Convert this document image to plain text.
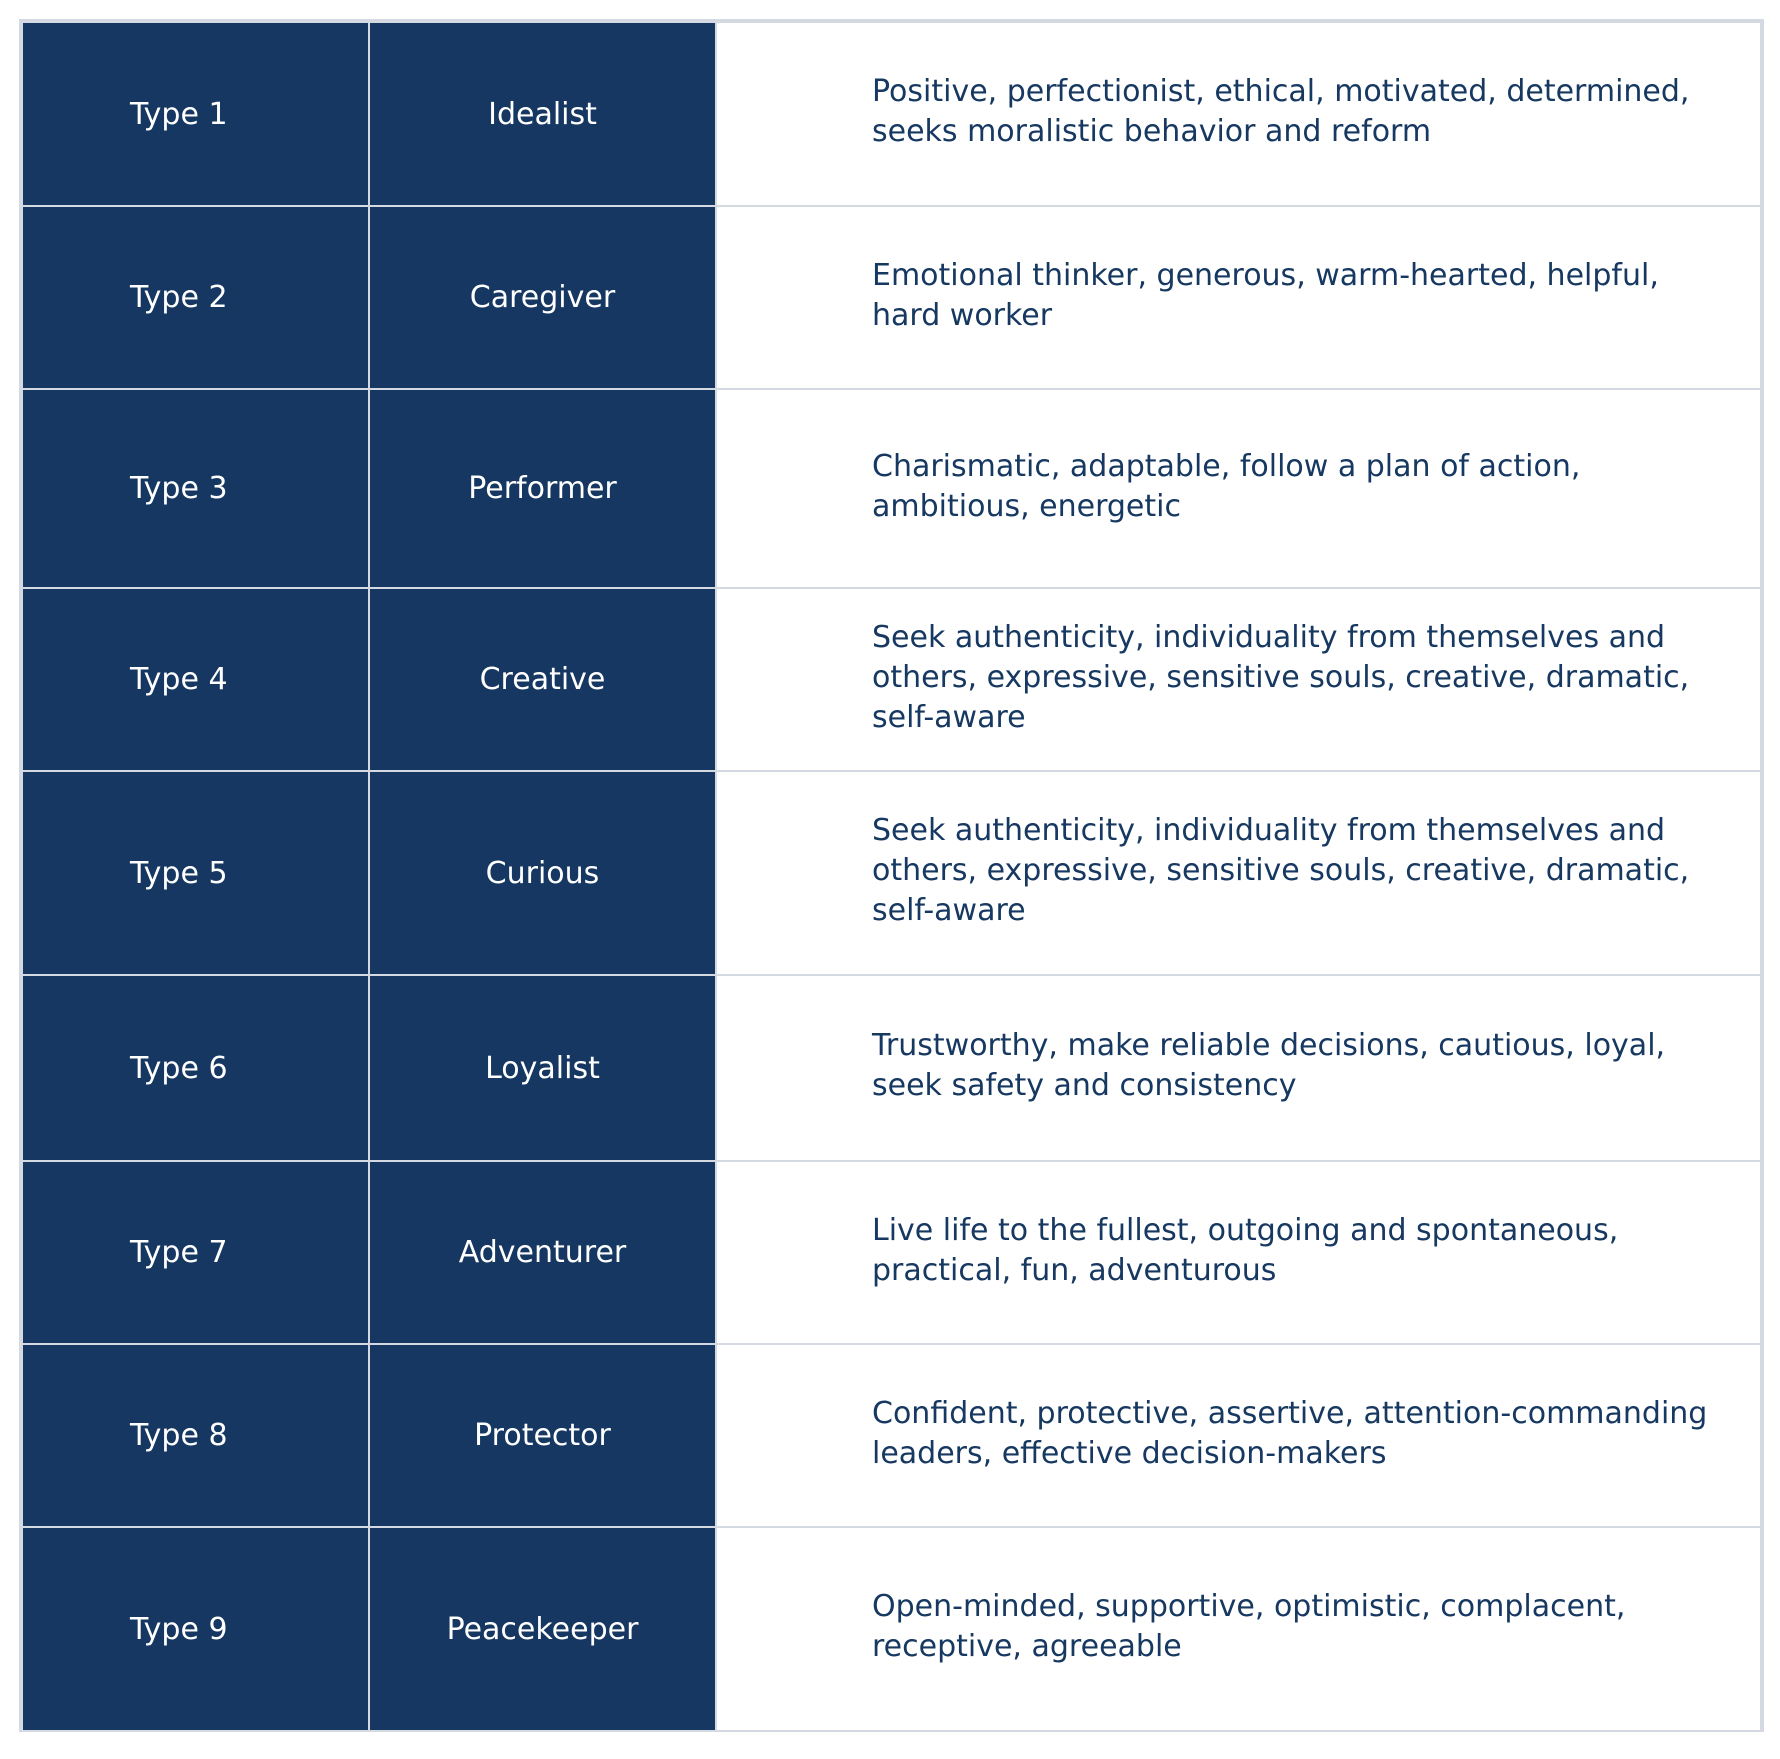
Type 1	Idealist	Positive, perfectionist, ethical, motivated, determined, seeks moralistic behavior and reform

Type 2	Caregiver	Emotional thinker, generous, warm-hearted, helpful, hard worker

Type 3	Performer	Charismatic, adaptable, follow a plan of action, ambitious, energetic

Type 4	Creative	Seek authenticity, individuality from themselves and others, expressive, sensitive souls, creative, dramatic, self-aware

Type 5	Curious	Seek authenticity, individuality from themselves and others, expressive, sensitive souls, creative, dramatic, self-aware

Type 6	Loyalist	Trustworthy, make reliable decisions, cautious, loyal, seek safety and consistency

Type 7	Adventurer	Live life to the fullest, outgoing and spontaneous, practical, fun, adventurous

Type 8	Protector	Confident, protective, assertive, attention-commanding leaders, effective decision-makers

Type 9	Peacekeeper	Open-minded, supportive, optimistic, complacent, receptive, agreeable
